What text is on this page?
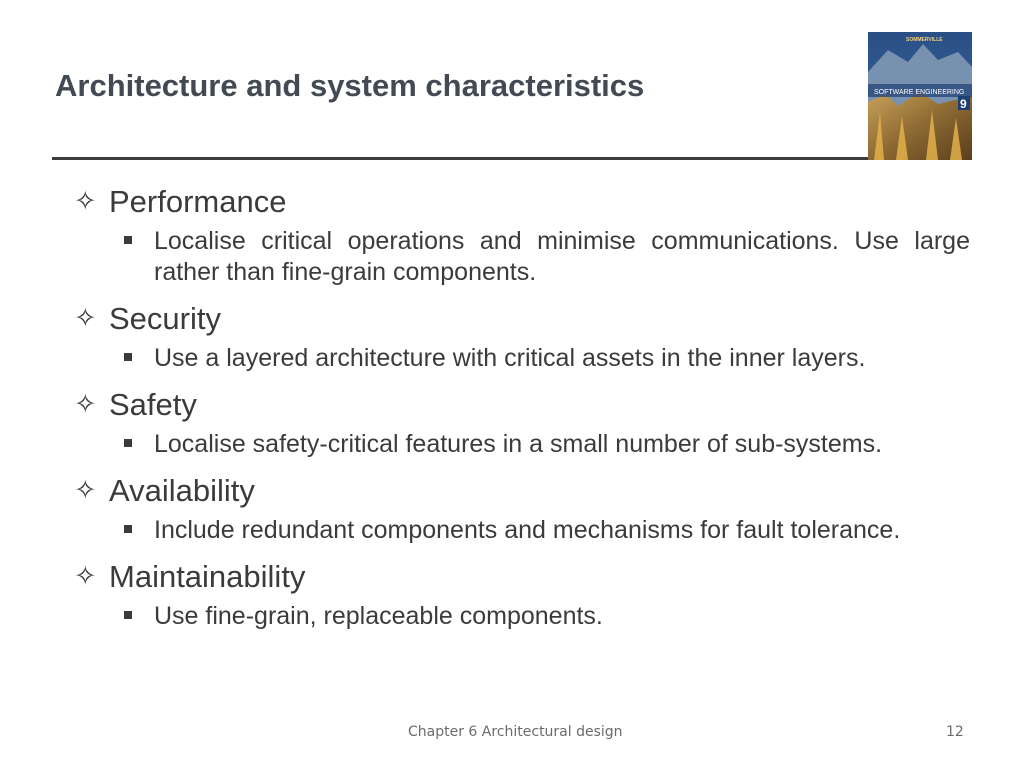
Architecture and system characteristics	SOFTWARE ENGINEERING
SOMMERVILLE
9
✧ Performance
Localise critical operations and minimise communications. Use large rather than fine-grain components.
✧ Security
Use a layered architecture with critical assets in the inner layers.
✧ Safety
Localise safety-critical features in a small number of sub-systems.
✧ Availability
Include redundant components and mechanisms for fault tolerance.
✧ Maintainability
Use fine-grain, replaceable components.
Chapter 6 Architectural design	12
